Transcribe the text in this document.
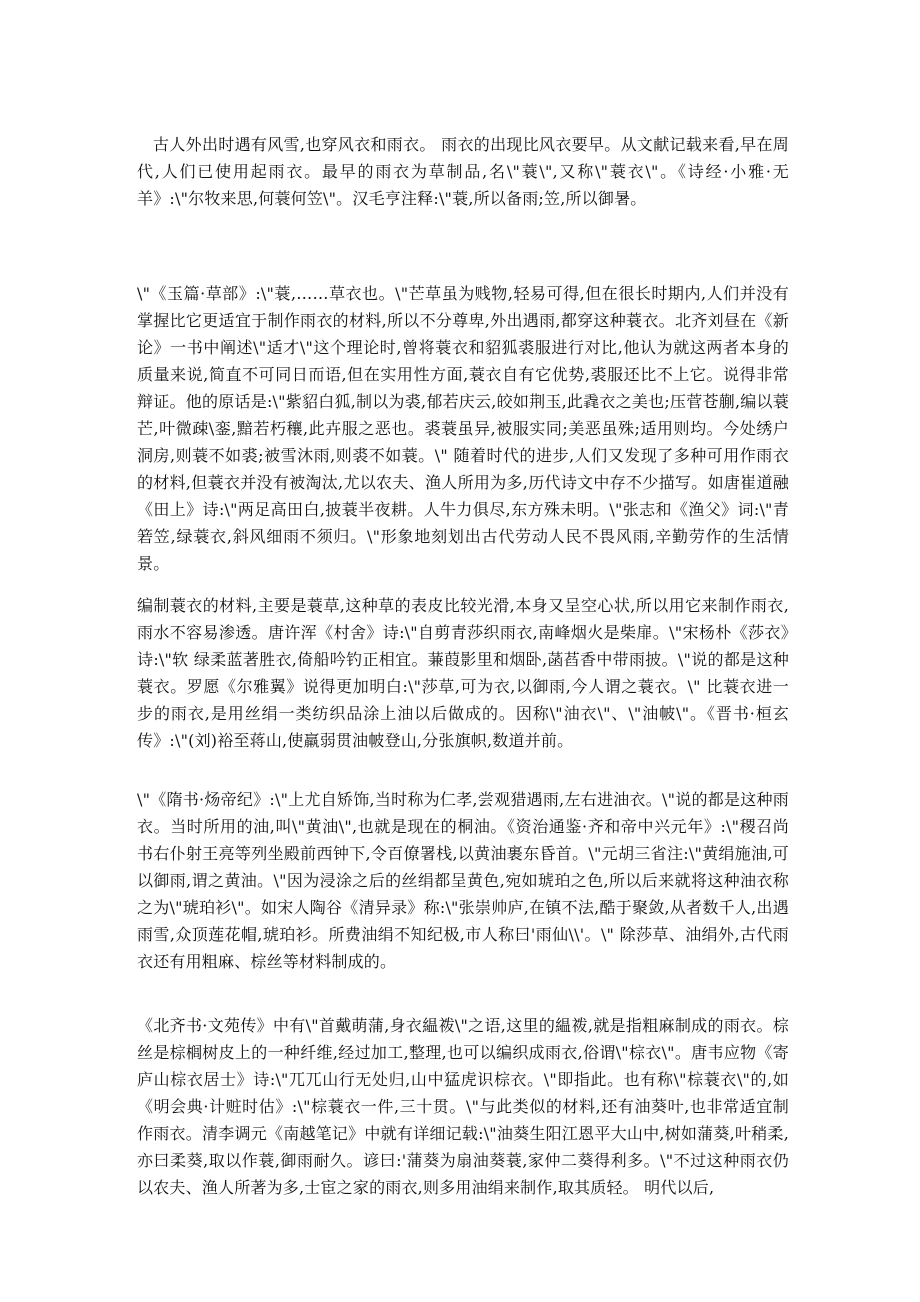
古人外出时遇有风雪,也穿风衣和雨衣。 雨衣的出现比风衣要早。从文献记载来看,早在周代,人们已使用起雨衣。最早的雨衣为草制品,名\"蓑\",又称\"蓑衣\"。《诗经·小雅·无羊》:\"尔牧来思,何蓑何笠\"。汉毛亨注释:\"蓑,所以备雨;笠,所以御暑。

\"《玉篇·草部》:\"蓑,……草衣也。\"芒草虽为贱物,轻易可得,但在很长时期内,人们并没有掌握比它更适宜于制作雨衣的材料,所以不分尊卑,外出遇雨,都穿这种蓑衣。北齐刘昼在《新论》一书中阐述\"适才\"这个理论时,曾将蓑衣和貂狐裘服进行对比,他认为就这两者本身的质量来说,简直不可同日而语,但在实用性方面,蓑衣自有它优势,裘服还比不上它。说得非常辩证。他的原话是:\"紫貂白狐,制以为裘,郁若庆云,皎如荆玉,此毳衣之美也;压菅苍蒯,编以蓑芒,叶微疎\銮,黯若朽穰,此卉服之恶也。裘蓑虽异,被服实同;美恶虽殊;适用则均。今处绣户洞房,则蓑不如裘;被雪沐雨,则裘不如蓑。\" 随着时代的进步,人们又发现了多种可用作雨衣的材料,但蓑衣并没有被淘汰,尤以农夫、渔人所用为多,历代诗文中存不少描写。如唐崔道融《田上》诗:\"两足高田白,披蓑半夜耕。人牛力俱尽,东方殊未明。\"张志和《渔父》词:\"青箬笠,绿蓑衣,斜风细雨不须归。\"形象地刻划出古代劳动人民不畏风雨,辛勤劳作的生活情景。

编制蓑衣的材料,主要是蓑草,这种草的表皮比较光滑,本身又呈空心状,所以用它来制作雨衣,雨水不容易渗透。唐许浑《村舍》诗:\"自剪青莎织雨衣,南峰烟火是柴扉。\"宋杨朴《莎衣》诗:\"软 绿柔蓝著胜衣,倚船吟钓正相宜。蒹葭影里和烟卧,菡萏香中带雨披。\"说的都是这种蓑衣。罗愿《尔雅翼》说得更加明白:\"莎草,可为衣,以御雨,今人谓之蓑衣。\" 比蓑衣进一步的雨衣,是用丝绢一类纺织品涂上油以后做成的。因称\"油衣\"、\"油帔\"。《晋书·桓玄传》:\"(刘)裕至蒋山,使羸弱贯油帔登山,分张旗帜,数道并前。

\"《隋书·炀帝纪》:\"上尤自矫饰,当时称为仁孝,尝观猎遇雨,左右进油衣。\"说的都是这种雨衣。当时所用的油,叫\"黄油\",也就是现在的桐油。《资治通鉴·齐和帝中兴元年》:\"稷召尚书右仆射王亮等列坐殿前西钟下,令百僚署栈,以黄油裹东昏首。\"元胡三省注:\"黄绢施油,可以御雨,谓之黄油。\"因为浸涂之后的丝绢都呈黄色,宛如琥珀之色,所以后来就将这种油衣称之为\"琥珀衫\"。如宋人陶谷《清异录》称:\"张崇帅庐,在镇不法,酷于聚敛,从者数千人,出遇雨雪,众顶莲花帽,琥珀衫。所费油绢不知纪极,市人称曰'雨仙\\'。\" 除莎草、油绢外,古代雨衣还有用粗麻、棕丝等材料制成的。

《北齐书·文苑传》中有\"首戴萌蒲,身衣緼袯\"之语,这里的緼袯,就是指粗麻制成的雨衣。棕丝是棕榈树皮上的一种纤维,经过加工,整理,也可以编织成雨衣,俗谓\"棕衣\"。唐韦应物《寄庐山棕衣居士》诗:\"兀兀山行无处归,山中猛虎识棕衣。\"即指此。也有称\"棕蓑衣\"的,如《明会典·计赃时估》:\"棕蓑衣一件,三十贯。\"与此类似的材料,还有油葵叶,也非常适宜制作雨衣。清李调元《南越笔记》中就有详细记载:\"油葵生阳江恩平大山中,树如蒲葵,叶稍柔,亦曰柔葵,取以作蓑,御雨耐久。谚曰:'蒲葵为扇油葵蓑,家仲二葵得利多。\"不过这种雨衣仍以农夫、渔人所著为多,士宦之家的雨衣,则多用油绢来制作,取其质轻。 明代以后,
